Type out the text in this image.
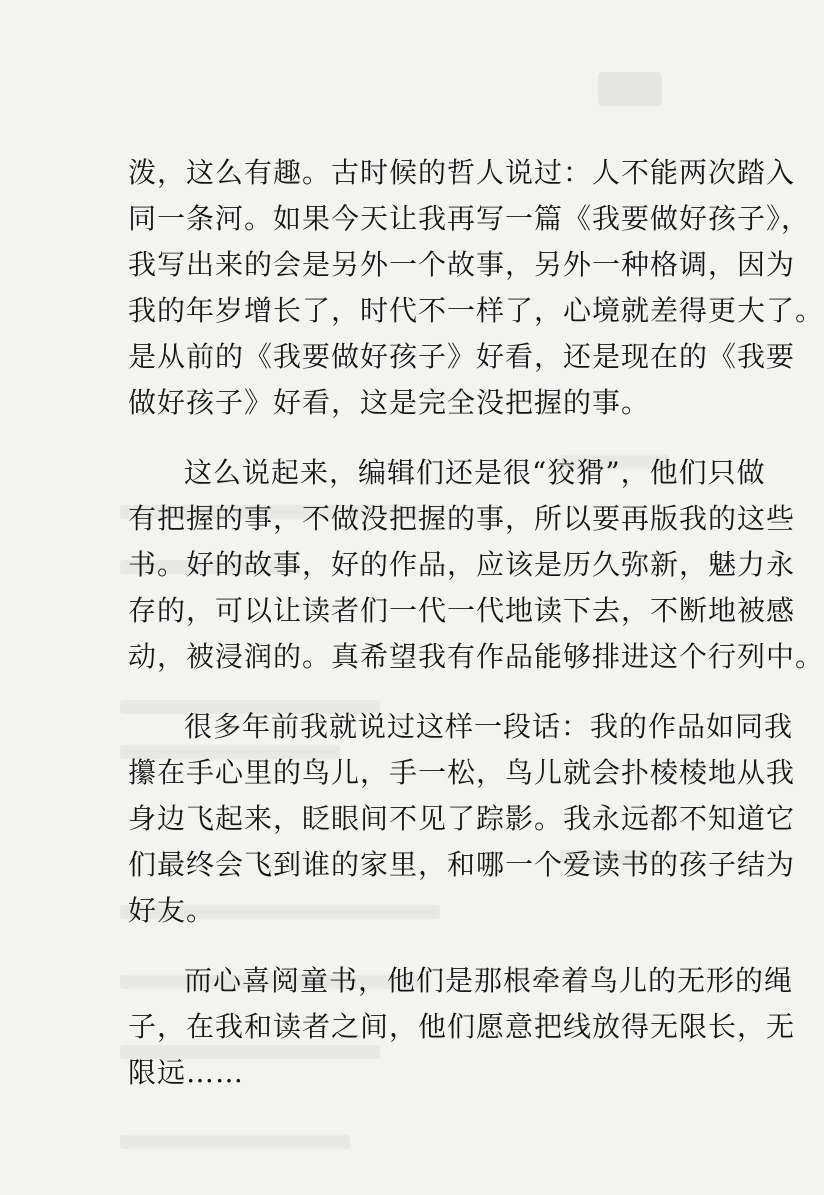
泼，这么有趣。古时候的哲人说过：人不能两次踏入
同一条河。如果今天让我再写一篇《我要做好孩子》，
我写出来的会是另外一个故事，另外一种格调，因为
我的年岁增长了，时代不一样了，心境就差得更大了。
是从前的《我要做好孩子》好看，还是现在的《我要
做好孩子》好看，这是完全没把握的事。

这么说起来，编辑们还是很“狡猾”，他们只做
有把握的事，不做没把握的事，所以要再版我的这些
书。好的故事，好的作品，应该是历久弥新，魅力永
存的，可以让读者们一代一代地读下去，不断地被感
动，被浸润的。真希望我有作品能够排进这个行列中。

很多年前我就说过这样一段话：我的作品如同我
攥在手心里的鸟儿，手一松，鸟儿就会扑棱棱地从我
身边飞起来，眨眼间不见了踪影。我永远都不知道它
们最终会飞到谁的家里，和哪一个爱读书的孩子结为
好友。

而心喜阅童书，他们是那根牵着鸟儿的无形的绳
子，在我和读者之间，他们愿意把线放得无限长，无
限远……
